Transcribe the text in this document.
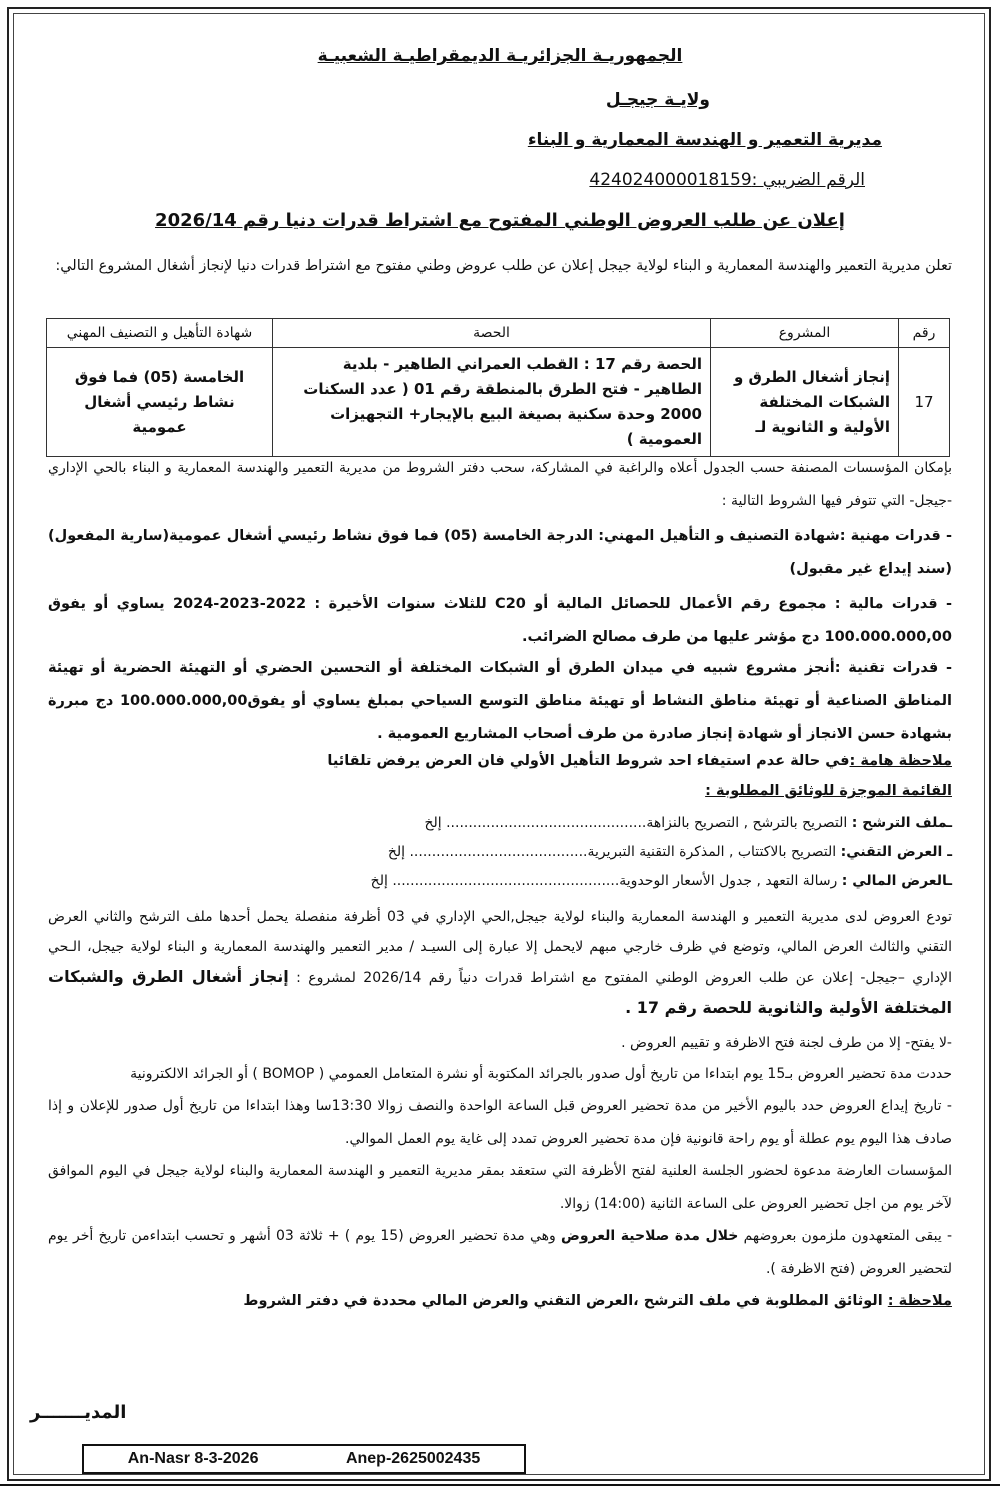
الجمهوريـة الجزائريـة الديمقراطيـة الشعبيـة
ولايـة جيجـل
مديرية التعمير و الهندسة المعمارية و البناء
الرقم الضريبي :424024000018159
إعلان عن طلب العروض الوطني المفتوح مع اشتراط قدرات دنيا رقم 2026/14
تعلن مديرية التعمير والهندسة المعمارية و البناء لولاية جيجل إعلان عن طلب عروض وطني مفتوح مع اشتراط قدرات دنيا لإنجاز أشغال المشروع التالي:
رقم	المشروع	الحصة	شهادة التأهيل و التصنيف المهني
17	إنجاز أشغال الطرق و الشبكات المختلفة الأولية و الثانوية لـ	الحصة رقم 17 : القطب العمراني الطاهير - بلدية الطاهير - فتح الطرق بالمنطقة رقم 01 ( عدد السكنات 2000 وحدة سكنية بصيغة البيع بالإيجار+ التجهيزات العمومية )	الخامسة (05) فما فوق نشاط رئيسي أشغال عمومية
بإمكان المؤسسات المصنفة حسب الجدول أعلاه والراغبة في المشاركة، سحب دفتر الشروط من مديرية التعمير والهندسة المعمارية و البناء بالحي الإداري -جيجل- التي تتوفر فيها الشروط التالية :
- قدرات مهنية :شهادة التصنيف و التأهيل المهني: الدرجة الخامسة (05) فما فوق نشاط رئيسي أشغال عمومية(سارية المفعول) (سند إيداع غير مقبول)
- قدرات مالية : مجموع رقم الأعمال للحصائل المالية أو C20 للثلاث سنوات الأخيرة : 2022-2023-2024 يساوي أو يفوق 100.000.000,00 دج مؤشر عليها من طرف مصالح الضرائب.
- قدرات تقنية :أنجز مشروع شبيه في ميدان الطرق أو الشبكات المختلفة أو التحسين الحضري أو التهيئة الحضرية أو تهيئة المناطق الصناعية أو تهيئة مناطق النشاط أو تهيئة مناطق التوسع السياحي بمبلغ يساوي أو يفوق100.000.000,00 دج مبررة بشهادة حسن الانجاز أو شهادة إنجاز صادرة من طرف أصحاب المشاريع العمومية .
ملاحظة هامة :في حالة عدم استيفاء احد شروط التأهيل الأولي فان العرض يرفض تلقائيا
القائمة الموجزة للوثائق المطلوبة :
ـملف الترشح : التصريح بالترشح , التصريح بالنزاهة............................................. إلخ
ـ العرض التقني: التصريح بالاكتتاب , المذكرة التقنية التبريرية........................................ إلخ
ـالعرض المالي : رسالة التعهد , جدول الأسعار الوحدوية................................................... إلخ
تودع العروض لدى مديرية التعمير و الهندسة المعمارية والبناء لولاية جيجل,الحي الإداري في 03 أظرفة منفصلة يحمل أحدها ملف الترشح والثاني العرض التقني والثالث العرض المالي، وتوضع في ظرف خارجي مبهم لايحمل إلا عبارة إلى السيـد / مدير التعمير والهندسة المعمارية و البناء لولاية جيجل، الـحي الإداري –جيجل- إعلان عن طلب العروض الوطني المفتوح مع اشتراط قدرات دنياً رقم 2026/14 لمشروع : إنجاز أشغال الطرق والشبكات المختلفة الأولية والثانوية للحصة رقم 17 .
-لا يفتح- إلا من طرف لجنة فتح الاظرفة و تقييم العروض .
حددت مدة تحضير العروض بـ15 يوم ابتداءا من تاريخ أول صدور بالجرائد المكتوبة أو نشرة المتعامل العمومي ( BOMOP ) أو الجرائد الالكترونية
- تاريخ إيداع العروض حدد باليوم الأخير من مدة تحضير العروض قبل الساعة الواحدة والنصف زوالا 13:30سا وهذا ابتداءا من تاريخ أول صدور للإعلان و إذا صادف هذا اليوم يوم عطلة أو يوم راحة قانونية فإن مدة تحضير العروض تمدد إلى غاية يوم العمل الموالي.
المؤسسات العارضة مدعوة لحضور الجلسة العلنية لفتح الأظرفة التي ستعقد بمقر مديرية التعمير و الهندسة المعمارية والبناء لولاية جيجل في اليوم الموافق لآخر يوم من اجل تحضير العروض على الساعة الثانية (14:00) زوالا.
- يبقى المتعهدون ملزمون بعروضهم خلال مدة صلاحية العروض وهي مدة تحضير العروض (15 يوم ) + ثلاثة 03 أشهر و تحسب ابتداءمن تاريخ أخر يوم لتحضير العروض (فتح الاظرفة ).
ملاحظة : الوثائق المطلوبة في ملف الترشح ،العرض التقني والعرض المالي محددة في دفتر الشروط
المديـــــــر
An-Nasr 8-3-2026	Anep-2625002435
